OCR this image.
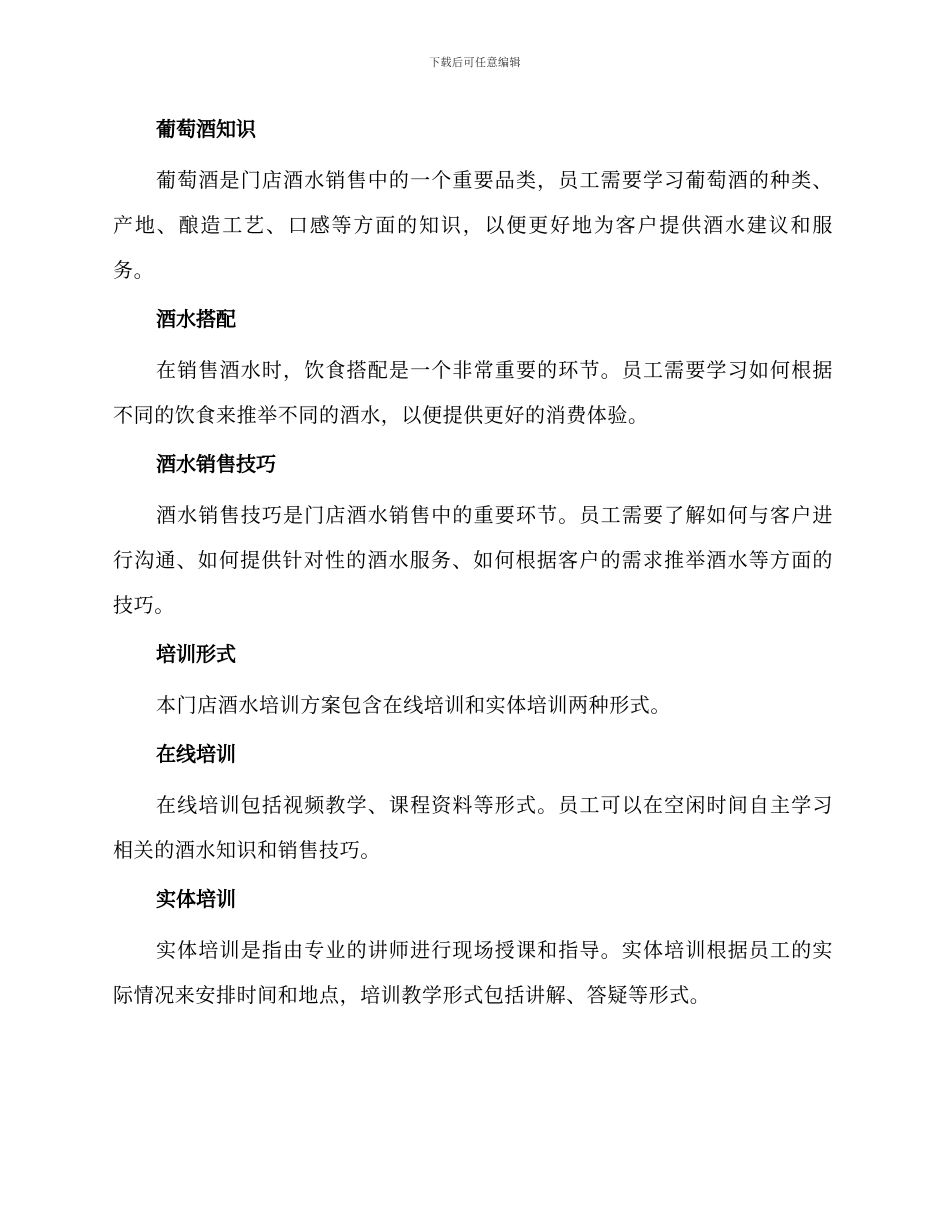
下载后可任意编辑
葡萄酒知识
葡萄酒是门店酒水销售中的一个重要品类，员工需要学习葡萄酒的种类、产地、酿造工艺、口感等方面的知识，以便更好地为客户提供酒水建议和服务。
酒水搭配
在销售酒水时，饮食搭配是一个非常重要的环节。员工需要学习如何根据不同的饮食来推举不同的酒水，以便提供更好的消费体验。
酒水销售技巧
酒水销售技巧是门店酒水销售中的重要环节。员工需要了解如何与客户进行沟通、如何提供针对性的酒水服务、如何根据客户的需求推举酒水等方面的技巧。
培训形式
本门店酒水培训方案包含在线培训和实体培训两种形式。
在线培训
在线培训包括视频教学、课程资料等形式。员工可以在空闲时间自主学习相关的酒水知识和销售技巧。
实体培训
实体培训是指由专业的讲师进行现场授课和指导。实体培训根据员工的实际情况来安排时间和地点，培训教学形式包括讲解、答疑等形式。
